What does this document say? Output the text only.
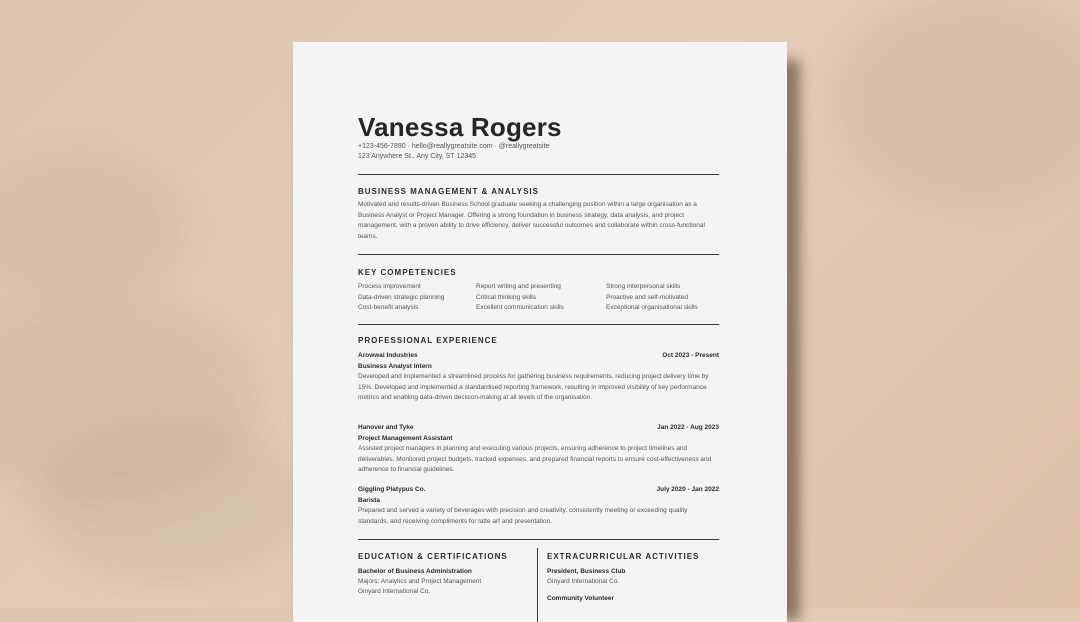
Vanessa Rogers
+123-456-7890 · hello@reallygreatsite.com · @reallygreatsite
123 Anywhere St., Any City, ST 12345
BUSINESS MANAGEMENT & ANALYSIS
Motivated and results-driven Business School graduate seeking a challenging position within a large organisation as a Business Analyst or Project Manager. Offering a strong foundation in business strategy, data analysis, and project management, with a proven ability to drive efficiency, deliver successful outcomes and collaborate within cross-functional teams.
KEY COMPETENCIES
Process improvement	Report writing and presenting	Strong interpersonal skills
Data-driven strategic planning	Critical thinking skills	Proactive and self-motivated
Cost-benefit analysis	Excellent communication skills	Exceptional organisational skills
PROFESSIONAL EXPERIENCE
Arowwai Industries	Oct 2023 - Present
Business Analyst Intern
Developed and implemented a streamlined process for gathering business requirements, reducing project delivery time by 15%. Developed and implemented a standardised reporting framework, resulting in improved visibility of key performance metrics and enabling data-driven decision-making at all levels of the organisation.
Hanover and Tyke	Jan 2022 - Aug 2023
Project Management Assistant
Assisted project managers in planning and executing various projects, ensuring adherence to project timelines and deliverables. Monitored project budgets, tracked expenses, and prepared financial reports to ensure cost-effectiveness and adherence to financial guidelines.
Giggling Platypus Co.	July 2020 - Jan 2022
Barista
Prepared and served a variety of beverages with precision and creativity, consistently meeting or exceeding quality standards, and receiving compliments for latte art and presentation.
EDUCATION & CERTIFICATIONS
Bachelor of Business Administration
Majors: Analytics and Project Management
Ginyard International Co.
EXTRACURRICULAR ACTIVITIES
President, Business Club
Ginyard International Co.
Community Volunteer
